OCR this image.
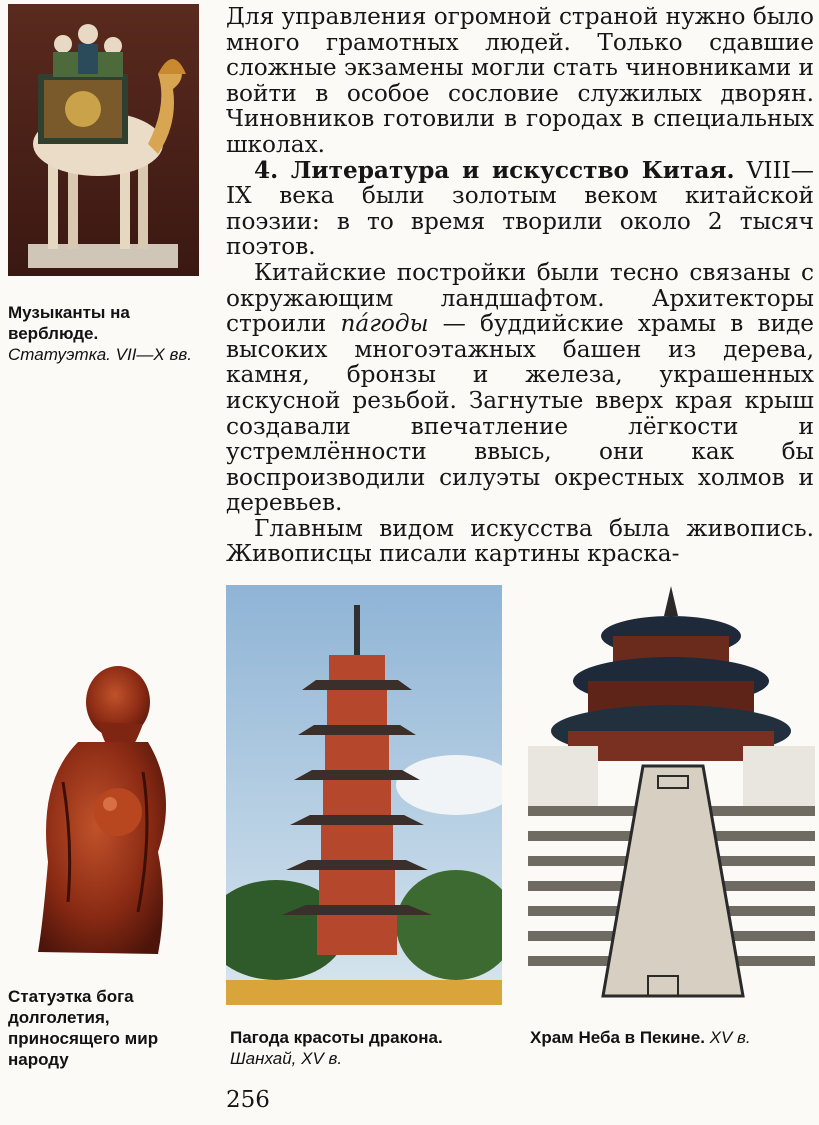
Музыканты на верблюде. Статуэтка. VII—X вв.

Для управления огромной страной нужно было много грамотных людей. Только сдавшие сложные экзамены могли стать чиновниками и войти в особое сословие служилых дворян. Чиновников готовили в городах в специальных школах.

4. Литература и искусство Китая. VIII— IX века были золотым веком китайской поэзии: в то время творили около 2 тысяч поэтов.

Китайские постройки были тесно связаны с окружающим ландшафтом. Архитекторы строили пáгоды — буддийские храмы в виде высоких многоэтажных башен из дерева, камня, бронзы и железа, украшенных искусной резьбой. Загнутые вверх края крыш создавали впечатление лёгкости и устремлённости ввысь, они как бы воспроизводили силуэты окрестных холмов и деревьев.

Главным видом искусства была живопись. Живописцы писали картины краска-

Статуэтка бога долголетия, приносящего мир народу
Пагода красоты дракона.
Шанхай, XV в.
Храм Неба в Пекине. XV в.
256
